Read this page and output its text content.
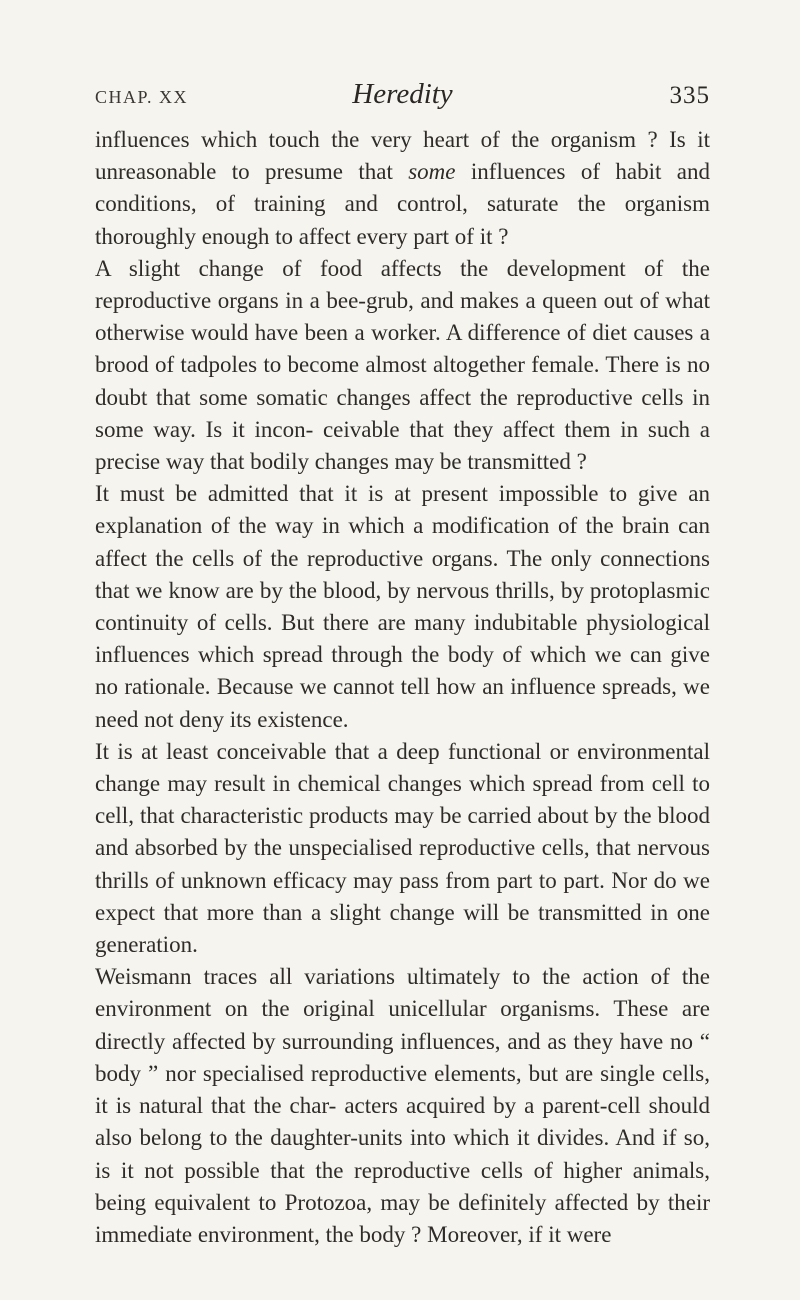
CHAP. XX	Heredity	335

influences which touch the very heart of the organism ? Is it unreasonable to presume that some influences of habit and conditions, of training and control, saturate the organism thoroughly enough to affect every part of it ?

A slight change of food affects the development of the reproductive organs in a bee-grub, and makes a queen out of what otherwise would have been a worker. A difference of diet causes a brood of tadpoles to become almost altogether female. There is no doubt that some somatic changes affect the reproductive cells in some way. Is it incon- ceivable that they affect them in such a precise way that bodily changes may be transmitted ?

It must be admitted that it is at present impossible to give an explanation of the way in which a modification of the brain can affect the cells of the reproductive organs. The only connections that we know are by the blood, by nervous thrills, by protoplasmic continuity of cells. But there are many indubitable physiological influences which spread through the body of which we can give no rationale. Because we cannot tell how an influence spreads, we need not deny its existence.

It is at least conceivable that a deep functional or environmental change may result in chemical changes which spread from cell to cell, that characteristic products may be carried about by the blood and absorbed by the unspecialised reproductive cells, that nervous thrills of unknown efficacy may pass from part to part. Nor do we expect that more than a slight change will be transmitted in one generation.

Weismann traces all variations ultimately to the action of the environment on the original unicellular organisms. These are directly affected by surrounding influences, and as they have no “ body ” nor specialised reproductive elements, but are single cells, it is natural that the char- acters acquired by a parent-cell should also belong to the daughter-units into which it divides. And if so, is it not possible that the reproductive cells of higher animals, being equivalent to Protozoa, may be definitely affected by their immediate environment, the body ? Moreover, if it were
